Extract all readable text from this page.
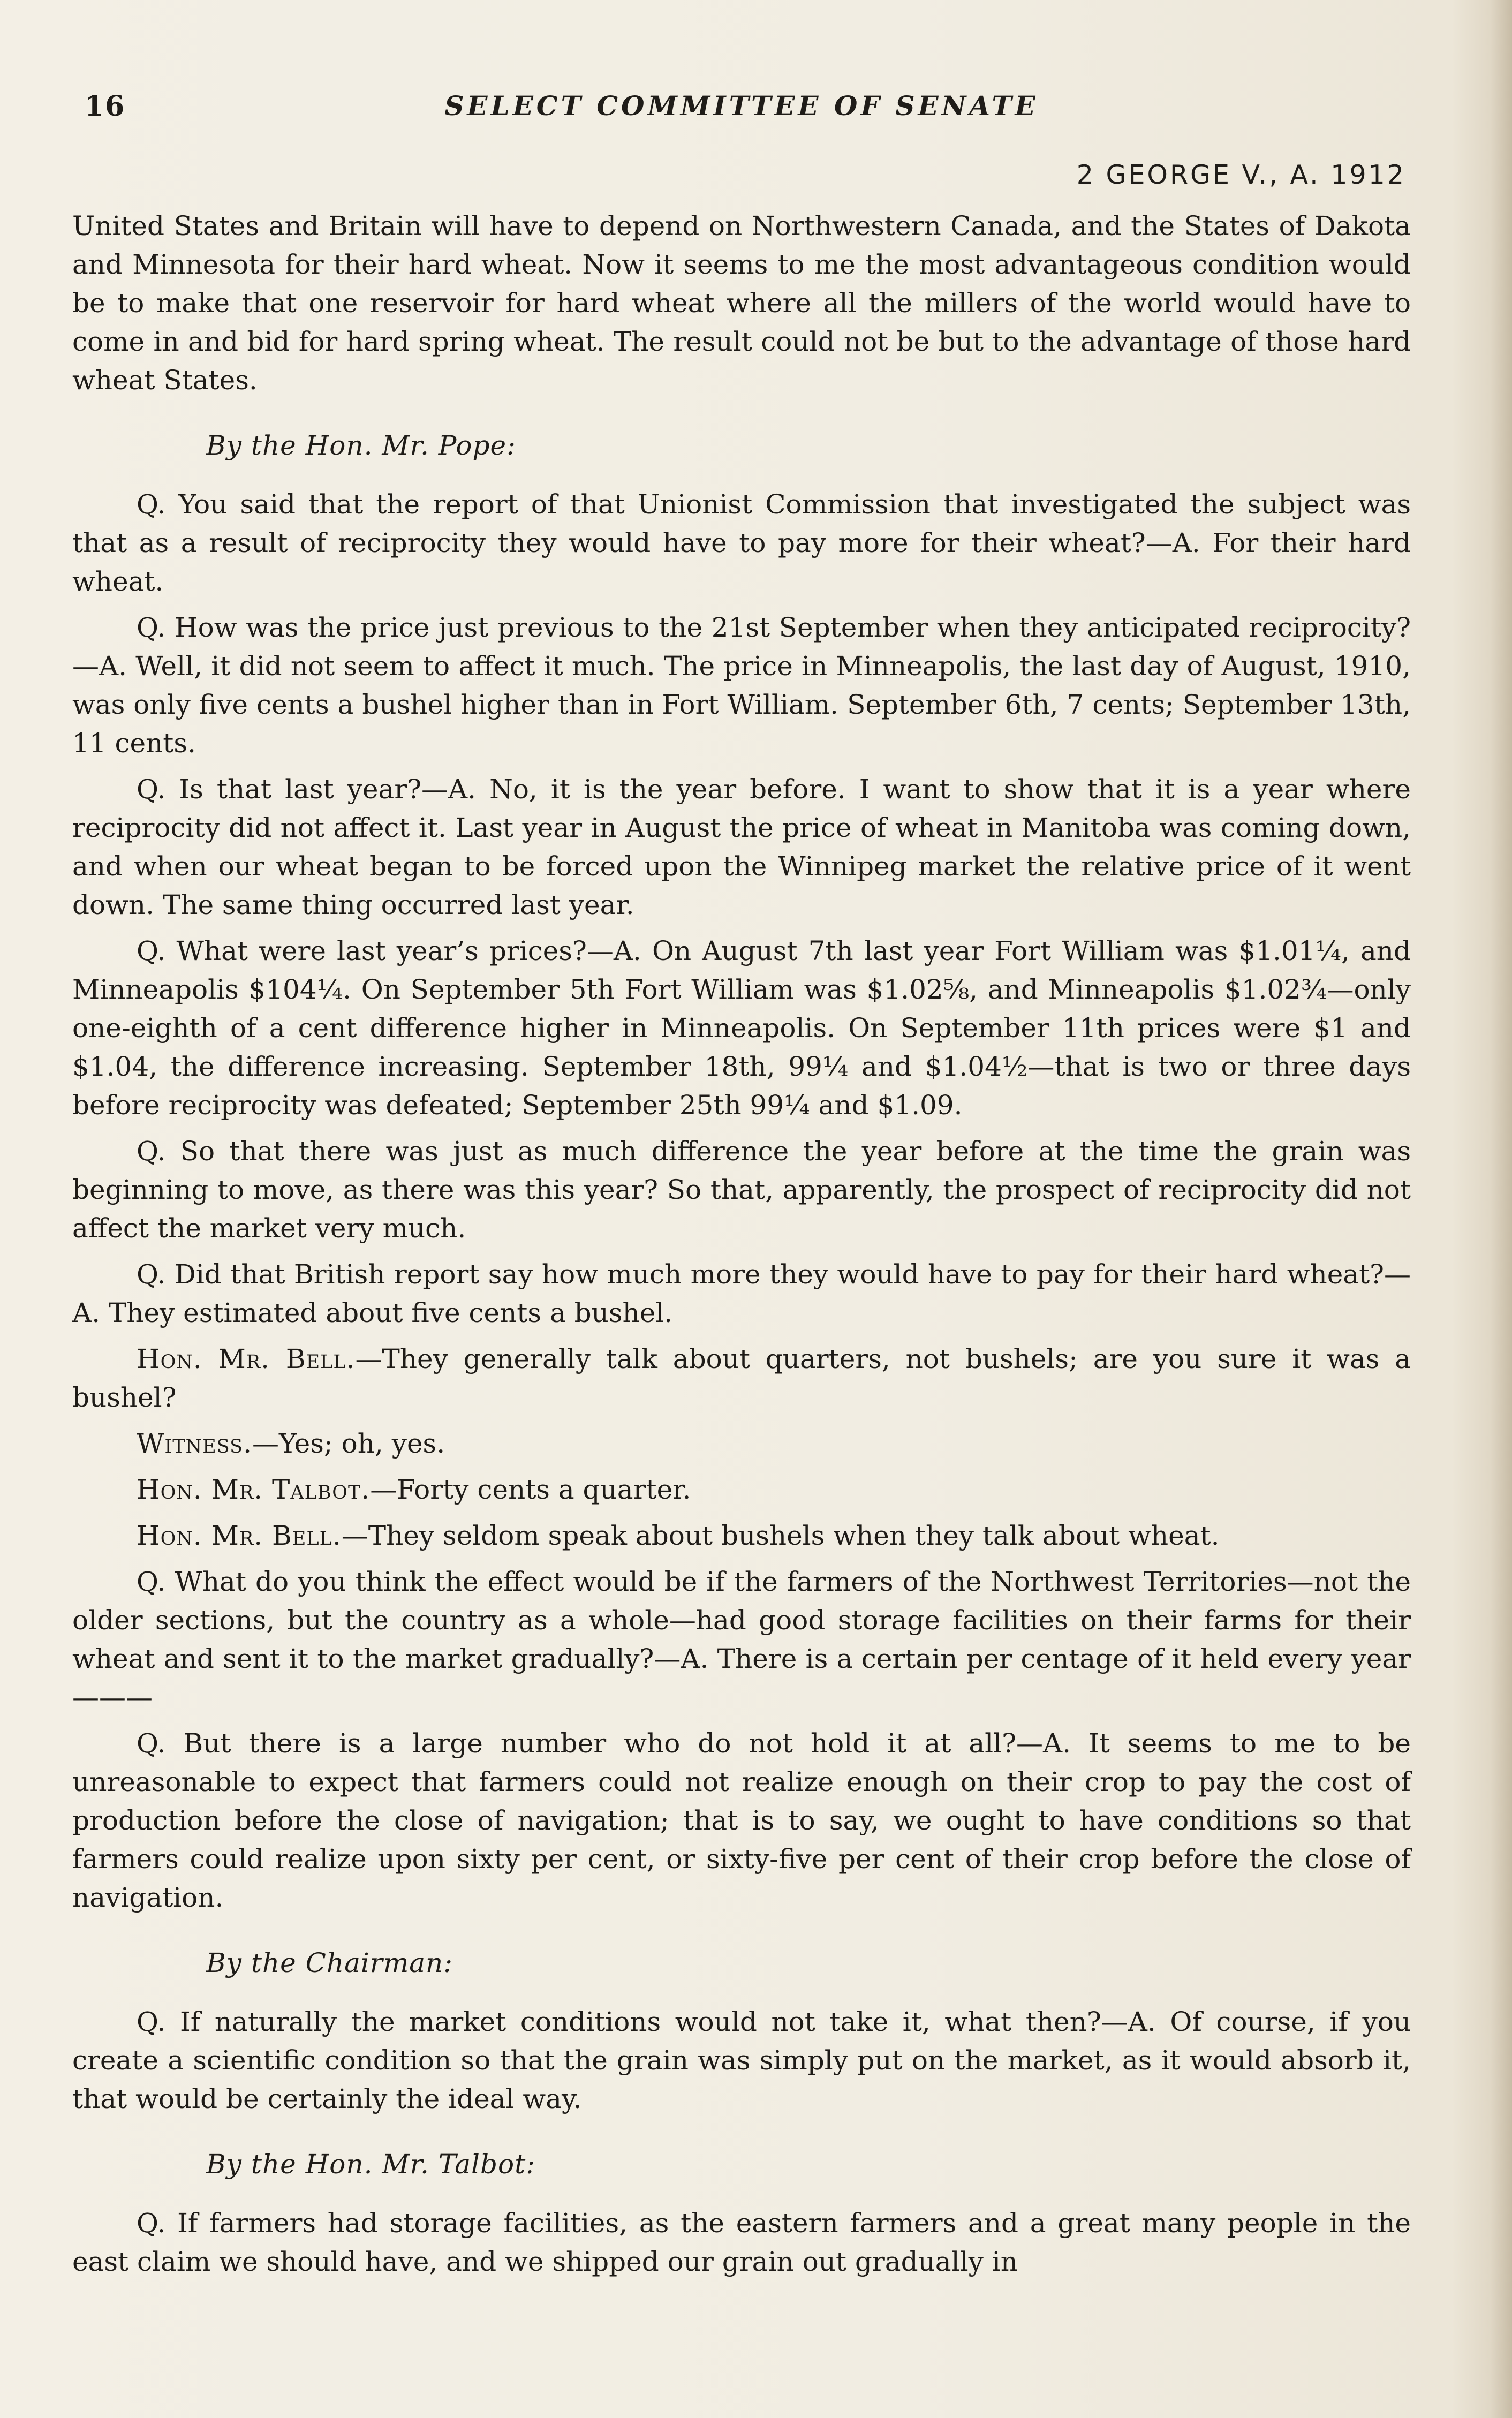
16	SELECT COMMITTEE OF SENATE
2 GEORGE V., A. 1912

United States and Britain will have to depend on Northwestern Canada, and the States of Dakota and Minnesota for their hard wheat. Now it seems to me the most advantageous condition would be to make that one reservoir for hard wheat where all the millers of the world would have to come in and bid for hard spring wheat. The result could not be but to the advantage of those hard wheat States.

By the Hon. Mr. Pope:

Q. You said that the report of that Unionist Commission that investigated the subject was that as a result of reciprocity they would have to pay more for their wheat?—A. For their hard wheat.

Q. How was the price just previous to the 21st September when they anticipated reciprocity?—A. Well, it did not seem to affect it much. The price in Minneapolis, the last day of August, 1910, was only five cents a bushel higher than in Fort William. September 6th, 7 cents; September 13th, 11 cents.

Q. Is that last year?—A. No, it is the year before. I want to show that it is a year where reciprocity did not affect it. Last year in August the price of wheat in Manitoba was coming down, and when our wheat began to be forced upon the Winnipeg market the relative price of it went down. The same thing occurred last year.

Q. What were last year’s prices?—A. On August 7th last year Fort William was $1.01¼, and Minneapolis $104¼. On September 5th Fort William was $1.02⅝, and Minneapolis $1.02¾—only one-eighth of a cent difference higher in Minneapolis. On September 11th prices were $1 and $1.04, the difference increasing. September 18th, 99¼ and $1.04½—that is two or three days before reciprocity was defeated; September 25th 99¼ and $1.09.

Q. So that there was just as much difference the year before at the time the grain was beginning to move, as there was this year? So that, apparently, the prospect of reciprocity did not affect the market very much.

Q. Did that British report say how much more they would have to pay for their hard wheat?—A. They estimated about five cents a bushel.

Hon. Mr. Bell.—They generally talk about quarters, not bushels; are you sure it was a bushel?

Witness.—Yes; oh, yes.

Hon. Mr. Talbot.—Forty cents a quarter.

Hon. Mr. Bell.—They seldom speak about bushels when they talk about wheat.

Q. What do you think the effect would be if the farmers of the Northwest Territories—not the older sections, but the country as a whole—had good storage facilities on their farms for their wheat and sent it to the market gradually?—A. There is a certain per centage of it held every year———

Q. But there is a large number who do not hold it at all?—A. It seems to me to be unreasonable to expect that farmers could not realize enough on their crop to pay the cost of production before the close of navigation; that is to say, we ought to have conditions so that farmers could realize upon sixty per cent, or sixty-five per cent of their crop before the close of navigation.

By the Chairman:

Q. If naturally the market conditions would not take it, what then?—A. Of course, if you create a scientific condition so that the grain was simply put on the market, as it would absorb it, that would be certainly the ideal way.

By the Hon. Mr. Talbot:

Q. If farmers had storage facilities, as the eastern farmers and a great many people in the east claim we should have, and we shipped our grain out gradually in
